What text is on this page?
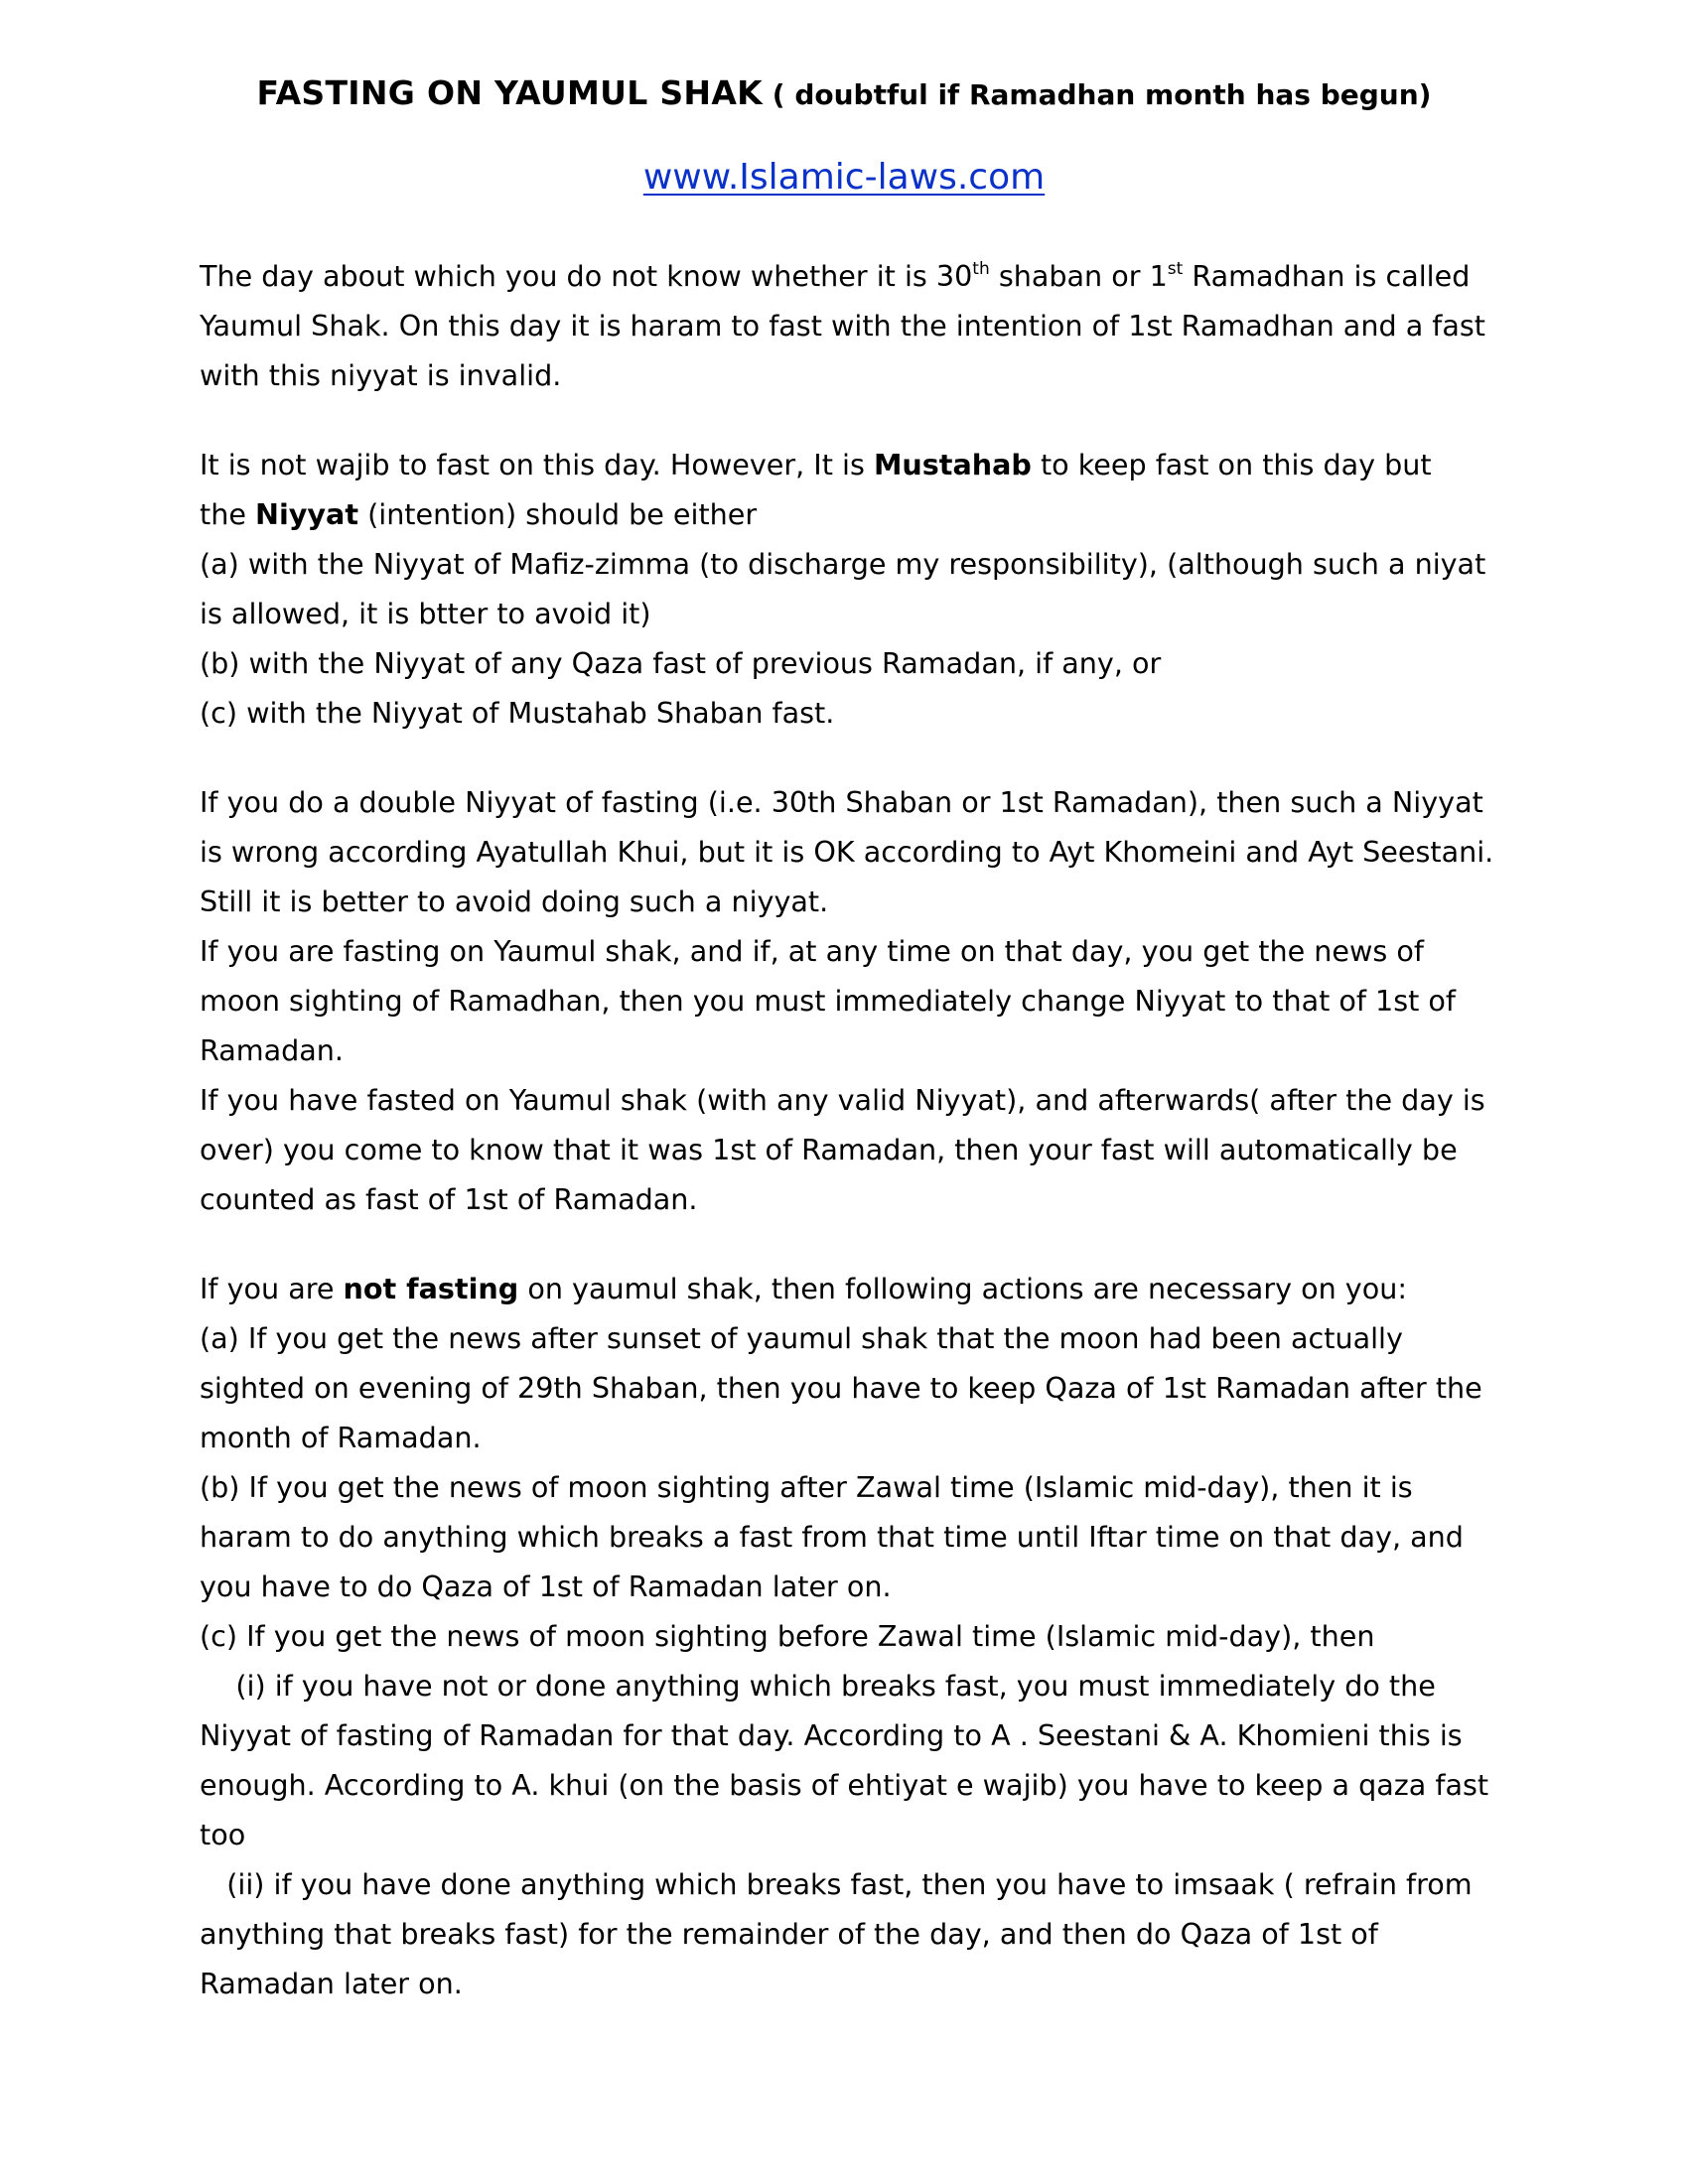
FASTING ON YAUMUL SHAK ( doubtful if Ramadhan month has begun)
www.Islamic-laws.com
The day about which you do not know whether it is 30th shaban or 1st Ramadhan is called
Yaumul Shak. On this day it is haram to fast with the intention of 1st Ramadhan and a fast
with this niyyat is invalid.
It is not wajib to fast on this day. However, It is Mustahab to keep fast on this day but
the Niyyat (intention) should be either
(a) with the Niyyat of Mafiz-zimma (to discharge my responsibility), (although such a niyat
is allowed, it is btter to avoid it)
(b) with the Niyyat of any Qaza fast of previous Ramadan, if any, or
(c) with the Niyyat of Mustahab Shaban fast.
If you do a double Niyyat of fasting (i.e. 30th Shaban or 1st Ramadan), then such a Niyyat
is wrong according Ayatullah Khui, but it is OK according to Ayt Khomeini and Ayt Seestani.
Still it is better to avoid doing such a niyyat.
If you are fasting on Yaumul shak, and if, at any time on that day, you get the news of
moon sighting of Ramadhan, then you must immediately change Niyyat to that of 1st of
Ramadan.
If you have fasted on Yaumul shak (with any valid Niyyat), and afterwards( after the day is
over) you come to know that it was 1st of Ramadan, then your fast will automatically be
counted as fast of 1st of Ramadan.
If you are not fasting on yaumul shak, then following actions are necessary on you:
(a) If you get the news after sunset of yaumul shak that the moon had been actually
sighted on evening of 29th Shaban, then you have to keep Qaza of 1st Ramadan after the
month of Ramadan.
(b) If you get the news of moon sighting after Zawal time (Islamic mid-day), then it is
haram to do anything which breaks a fast from that time until Iftar time on that day, and
you have to do Qaza of 1st of Ramadan later on.
(c) If you get the news of moon sighting before Zawal time (Islamic mid-day), then
(i) if you have not or done anything which breaks fast, you must immediately do the
Niyyat of fasting of Ramadan for that day. According to A . Seestani & A. Khomieni this is
enough. According to A. khui (on the basis of ehtiyat e wajib) you have to keep a qaza fast
too
(ii) if you have done anything which breaks fast, then you have to imsaak ( refrain from
anything that breaks fast) for the remainder of the day, and then do Qaza of 1st of
Ramadan later on.
